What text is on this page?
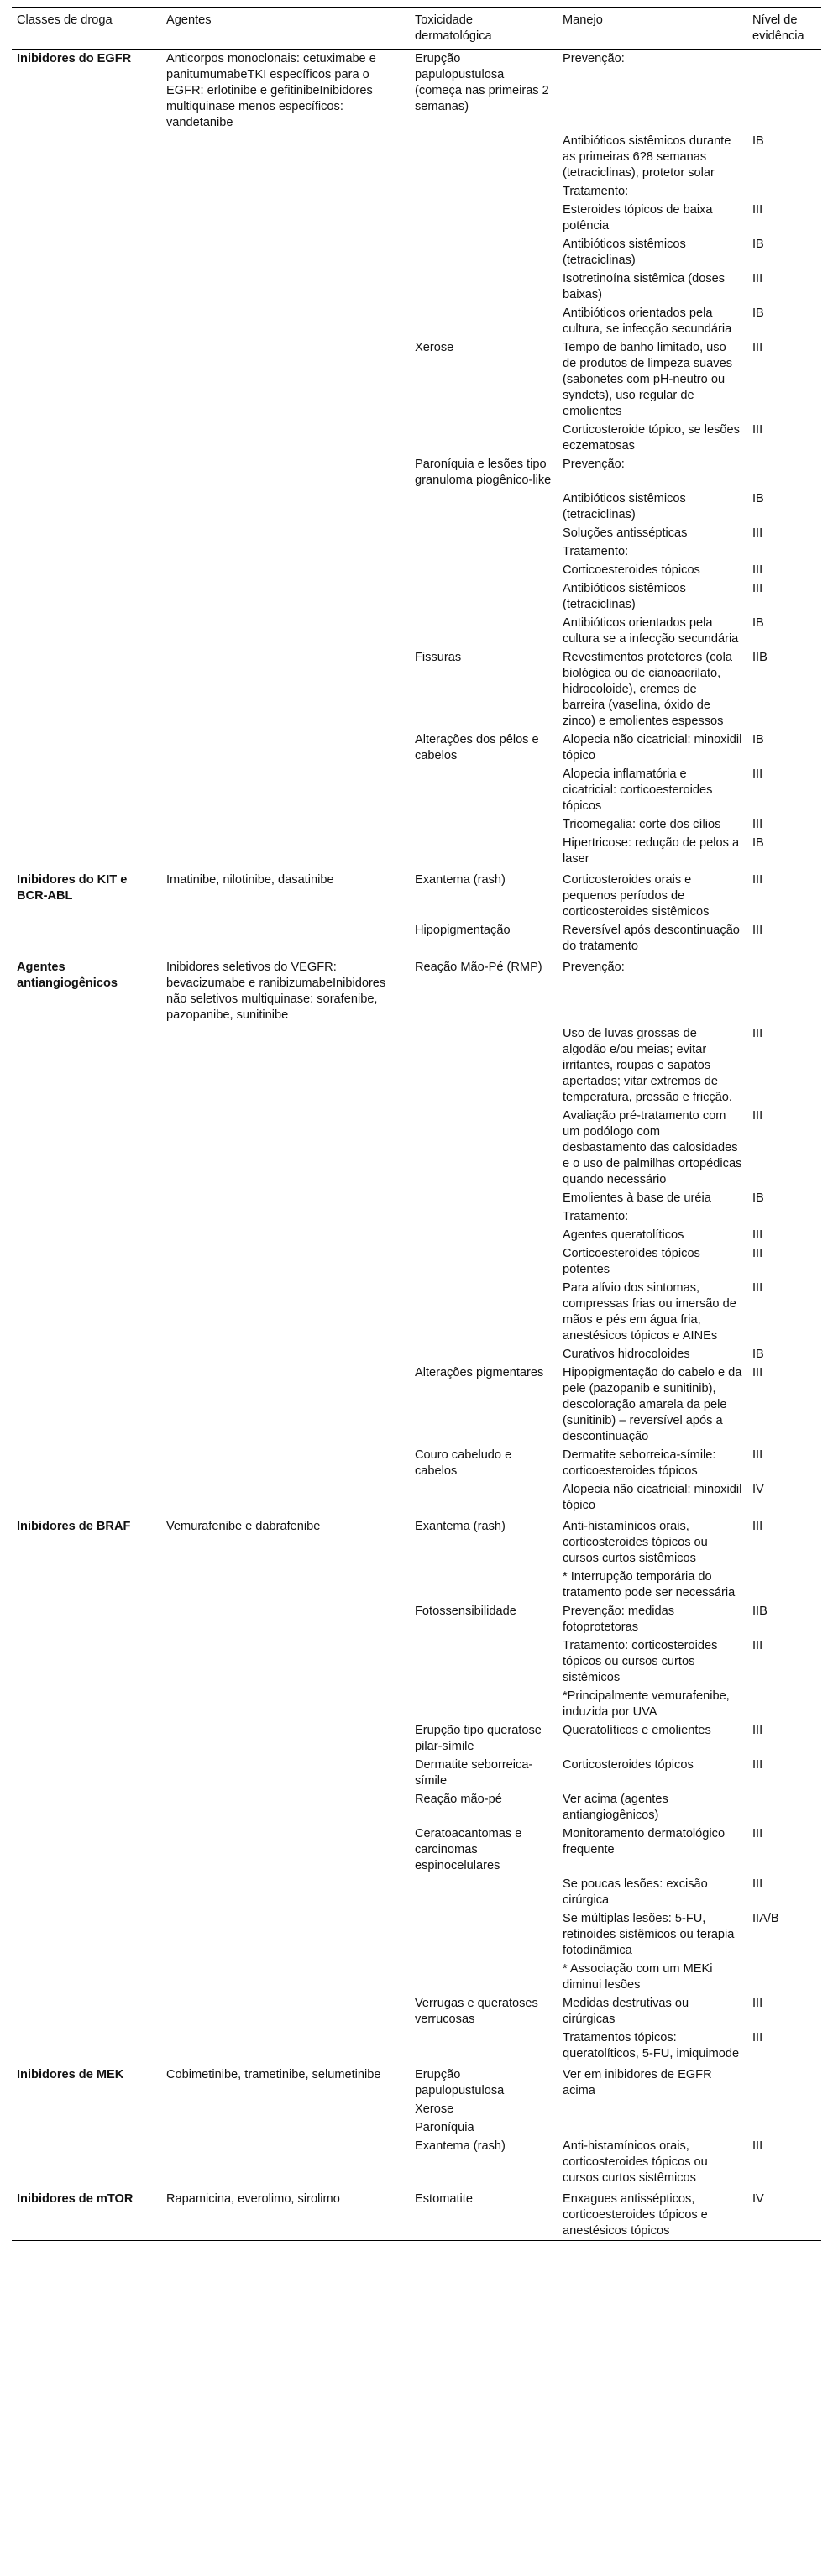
Classes de droga	Agentes	Toxicidade dermatológica	Manejo	Nível de evidência
Inibidores do EGFR	Anticorpos monoclonais: cetuximabe e panitumumabeTKI específicos para o EGFR: erlotinibe e gefitinibeInibidores multiquinase menos específicos: vandetanibe	Erupção papulopustulosa (começa nas primeiras 2 semanas)	Prevenção:	
			Antibióticos sistêmicos durante as primeiras 6?8 semanas (tetraciclinas), protetor solar	IB
			Tratamento:	
			Esteroides tópicos de baixa potência	III
			Antibióticos sistêmicos (tetraciclinas)	IB
			Isotretinoína sistêmica (doses baixas)	III
			Antibióticos orientados pela cultura, se infecção secundária	IB
		Xerose	Tempo de banho limitado, uso de produtos de limpeza suaves (sabonetes com pH-neutro ou syndets), uso regular de emolientes	III
			Corticosteroide tópico, se lesões eczematosas	III
		Paroníquia e lesões tipo granuloma piogênico-like	Prevenção:	
			Antibióticos sistêmicos (tetraciclinas)	IB
			Soluções antissépticas	III
			Tratamento:	
			Corticoesteroides tópicos	III
			Antibióticos sistêmicos (tetraciclinas)	III
			Antibióticos orientados pela cultura se a infecção secundária	IB
		Fissuras	Revestimentos protetores (cola biológica ou de cianoacrilato, hidrocoloide), cremes de barreira (vaselina, óxido de zinco) e emolientes espessos	IIB
		Alterações dos pêlos e cabelos	Alopecia não cicatricial: minoxidil tópico	IB
			Alopecia inflamatória e cicatricial: corticoesteroides tópicos	III
			Tricomegalia: corte dos cílios	III
			Hipertricose: redução de pelos a laser	IB
Inibidores do KIT e BCR-ABL	Imatinibe, nilotinibe, dasatinibe	Exantema (rash)	Corticosteroides orais e pequenos períodos de corticosteroides sistêmicos	III
		Hipopigmentação	Reversível após descontinuação do tratamento	III
Agentes antiangiogênicos	Inibidores seletivos do VEGFR: bevacizumabe e ranibizumabeInibidores não seletivos multiquinase: sorafenibe, pazopanibe, sunitinibe	Reação Mão-Pé (RMP)	Prevenção:	
			Uso de luvas grossas de algodão e/ou meias; evitar irritantes, roupas e sapatos apertados; vitar extremos de temperatura, pressão e fricção.	III
			Avaliação pré-tratamento com um podólogo com desbastamento das calosidades e o uso de palmilhas ortopédicas quando necessário	III
			Emolientes à base de uréia	IB
			Tratamento:	
			Agentes queratolíticos	III
			Corticoesteroides tópicos potentes	III
			Para alívio dos sintomas, compressas frias ou imersão de mãos e pés em água fria, anestésicos tópicos e AINEs	III
			Curativos hidrocoloides	IB
		Alterações pigmentares	Hipopigmentação do cabelo e da pele (pazopanib e sunitinib), descoloração amarela da pele (sunitinib) – reversível após a descontinuação	III
		Couro cabeludo e cabelos	Dermatite seborreica-símile: corticoesteroides tópicos	III
			Alopecia não cicatricial: minoxidil tópico	IV
Inibidores de BRAF	Vemurafenibe e dabrafenibe	Exantema (rash)	Anti-histamínicos orais, corticosteroides tópicos ou cursos curtos sistêmicos	III
			* Interrupção temporária do tratamento pode ser necessária	
		Fotossensibilidade	Prevenção: medidas fotoprotetoras	IIB
			Tratamento: corticosteroides tópicos ou cursos curtos sistêmicos	III
			*Principalmente vemurafenibe, induzida por UVA	
		Erupção tipo queratose pilar-símile	Queratolíticos e emolientes	III
		Dermatite seborreica-símile	Corticosteroides tópicos	III
		Reação mão-pé	Ver acima (agentes antiangiogênicos)	
		Ceratoacantomas e carcinomas espinocelulares	Monitoramento dermatológico frequente	III
			Se poucas lesões: excisão cirúrgica	III
			Se múltiplas lesões: 5-FU, retinoides sistêmicos ou terapia fotodinâmica	IIA/B
			* Associação com um MEKi diminui lesões	
		Verrugas e queratoses verrucosas	Medidas destrutivas ou cirúrgicas	III
			Tratamentos tópicos: queratolíticos, 5-FU, imiquimode	III
Inibidores de MEK	Cobimetinibe, trametinibe, selumetinibe	Erupção papulopustulosa	Ver em inibidores de EGFR acima	
		Xerose		
		Paroníquia		
		Exantema (rash)	Anti-histamínicos orais, corticosteroides tópicos ou cursos curtos sistêmicos	III
Inibidores de mTOR	Rapamicina, everolimo, sirolimo	Estomatite	Enxagues antissépticos, corticoesteroides tópicos e anestésicos tópicos	IV
